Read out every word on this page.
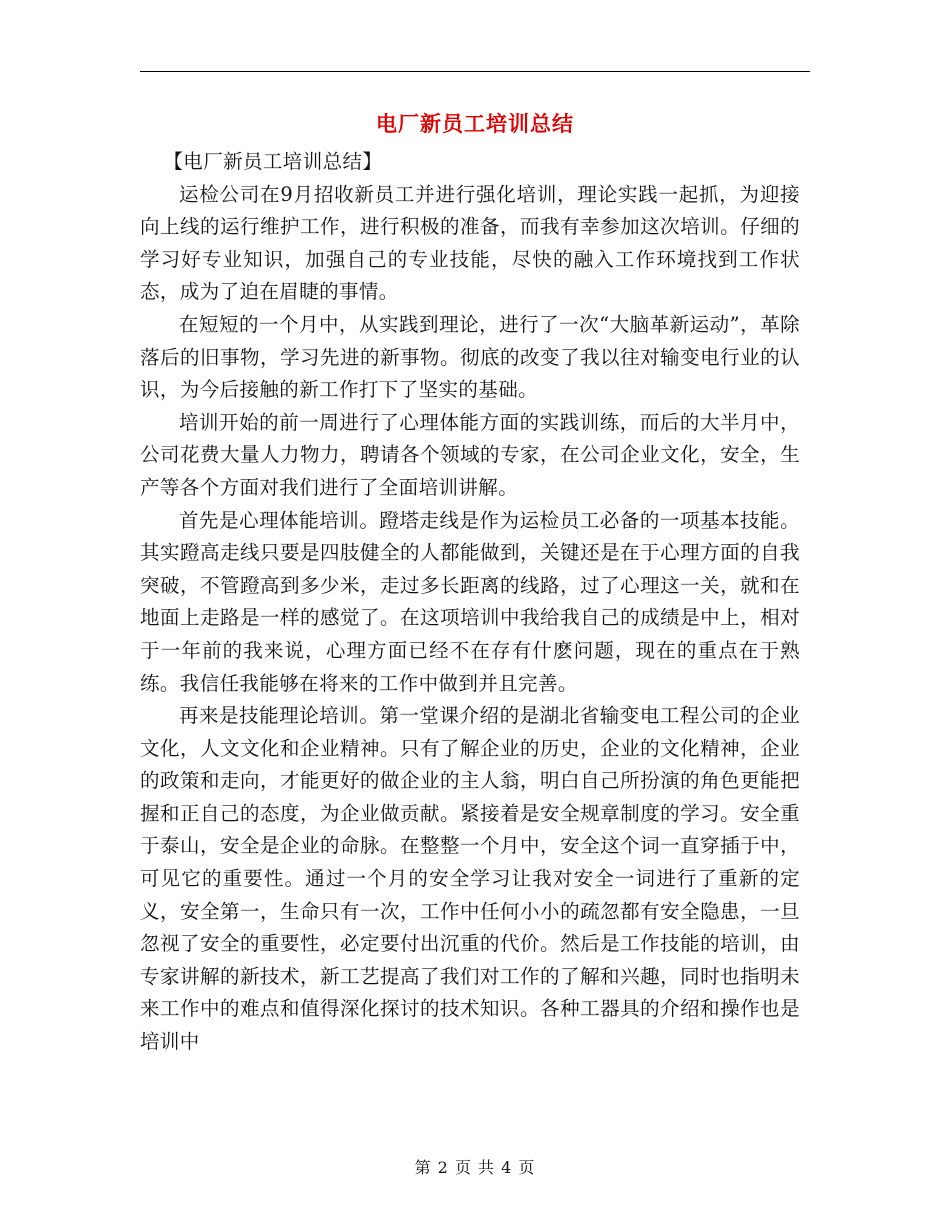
电厂新员工培训总结

【电厂新员工培训总结】

运检公司在9月招收新员工并进行强化培训，理论实践一起抓，为迎接向上线的运行维护工作，进行积极的准备，而我有幸参加这次培训。仔细的学习好专业知识，加强自己的专业技能，尽快的融入工作环境找到工作状态，成为了迫在眉睫的事情。

在短短的一个月中，从实践到理论，进行了一次“大脑革新运动”，革除落后的旧事物，学习先进的新事物。彻底的改变了我以往对输变电行业的认识，为今后接触的新工作打下了坚实的基础。

培训开始的前一周进行了心理体能方面的实践训练，而后的大半月中，公司花费大量人力物力，聘请各个领域的专家，在公司企业文化，安全，生产等各个方面对我们进行了全面培训讲解。

首先是心理体能培训。蹬塔走线是作为运检员工必备的一项基本技能。其实蹬高走线只要是四肢健全的人都能做到，关键还是在于心理方面的自我突破，不管蹬高到多少米，走过多长距离的线路，过了心理这一关，就和在地面上走路是一样的感觉了。在这项培训中我给我自己的成绩是中上，相对于一年前的我来说，心理方面已经不在存有什麽问题，现在的重点在于熟练。我信任我能够在将来的工作中做到并且完善。

再来是技能理论培训。第一堂课介绍的是湖北省输变电工程公司的企业文化，人文文化和企业精神。只有了解企业的历史，企业的文化精神，企业的政策和走向，才能更好的做企业的主人翁，明白自己所扮演的角色更能把握和正自己的态度，为企业做贡献。紧接着是安全规章制度的学习。安全重于泰山，安全是企业的命脉。在整整一个月中，安全这个词一直穿插于中，可见它的重要性。通过一个月的安全学习让我对安全一词进行了重新的定义，安全第一，生命只有一次，工作中任何小小的疏忽都有安全隐患，一旦忽视了安全的重要性，必定要付出沉重的代价。然后是工作技能的培训，由专家讲解的新技术，新工艺提高了我们对工作的了解和兴趣，同时也指明未来工作中的难点和值得深化探讨的技术知识。各种工器具的介绍和操作也是培训中

第 2 页 共 4 页
